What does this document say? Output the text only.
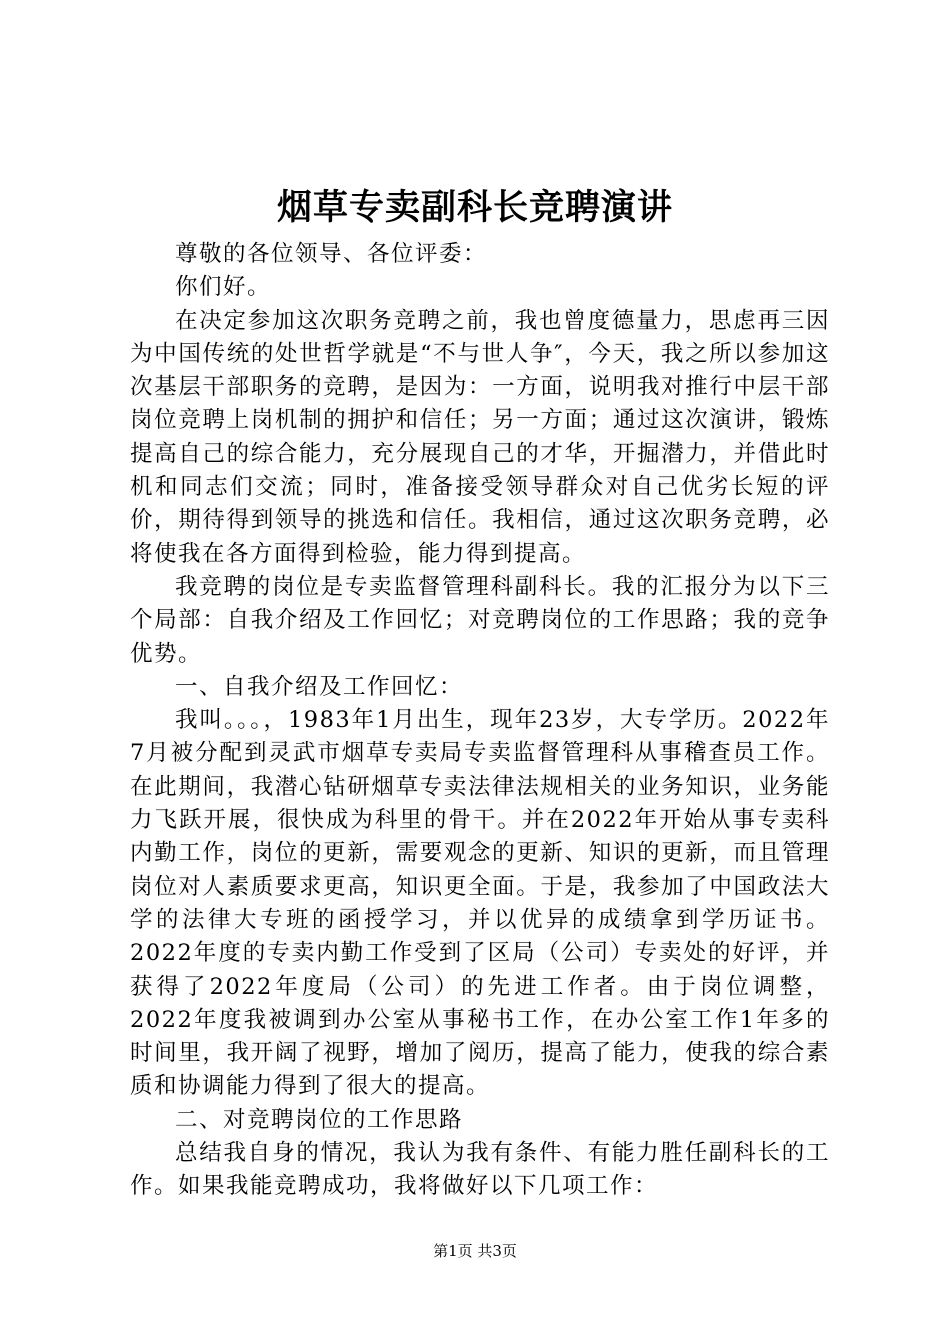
烟草专卖副科长竞聘演讲

尊敬的各位领导、各位评委：

你们好。

在决定参加这次职务竞聘之前，我也曾度德量力，思虑再三因为中国传统的处世哲学就是“不与世人争″，今天，我之所以参加这次基层干部职务的竞聘，是因为：一方面，说明我对推行中层干部岗位竞聘上岗机制的拥护和信任；另一方面；通过这次演讲，锻炼提高自己的综合能力，充分展现自己的才华，开掘潜力，并借此时机和同志们交流；同时，准备接受领导群众对自己优劣长短的评价，期待得到领导的挑选和信任。我相信，通过这次职务竞聘，必将使我在各方面得到检验，能力得到提高。

我竞聘的岗位是专卖监督管理科副科长。我的汇报分为以下三个局部：自我介绍及工作回忆；对竞聘岗位的工作思路；我的竞争优势。

一、自我介绍及工作回忆：

我叫。。。，1983年1月出生，现年23岁，大专学历。2022年7月被分配到灵武市烟草专卖局专卖监督管理科从事稽查员工作。在此期间，我潜心钻研烟草专卖法律法规相关的业务知识，业务能力飞跃开展，很快成为科里的骨干。并在2022年开始从事专卖科内勤工作，岗位的更新，需要观念的更新、知识的更新，而且管理岗位对人素质要求更高，知识更全面。于是，我参加了中国政法大学的法律大专班的函授学习，并以优异的成绩拿到学历证书。2022年度的专卖内勤工作受到了区局（公司）专卖处的好评，并获得了2022年度局（公司）的先进工作者。由于岗位调整，2022年度我被调到办公室从事秘书工作，在办公室工作1年多的时间里，我开阔了视野，增加了阅历，提高了能力，使我的综合素质和协调能力得到了很大的提高。

二、对竞聘岗位的工作思路

总结我自身的情况，我认为我有条件、有能力胜任副科长的工作。如果我能竞聘成功，我将做好以下几项工作：

第1页 共3页
